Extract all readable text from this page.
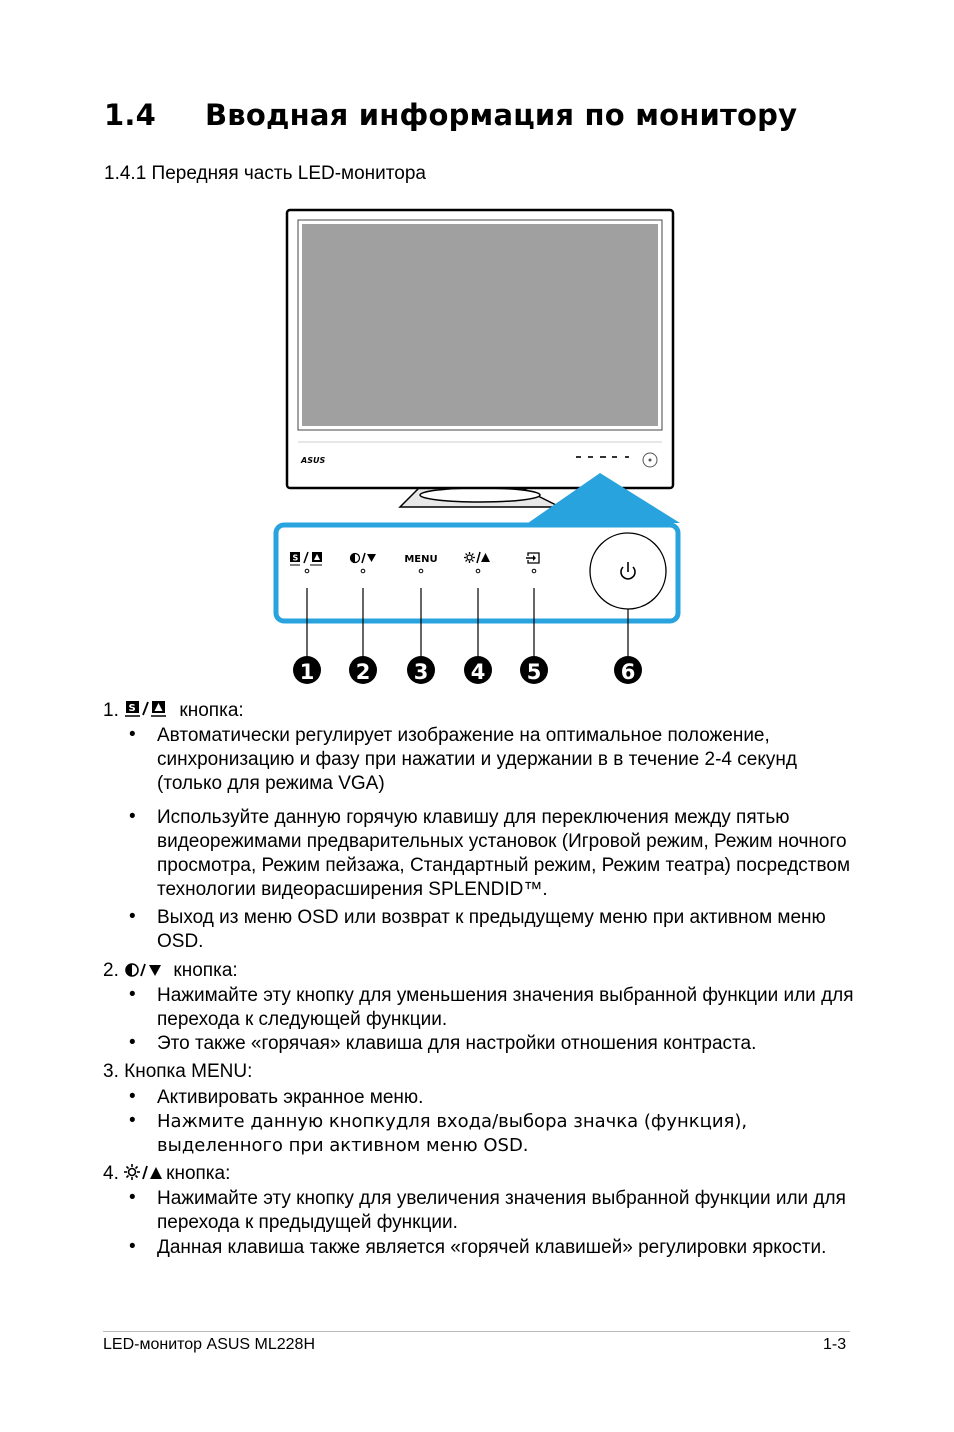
1.4 Вводная информация по монитору
1.4.1 Передняя часть LED-монитора
ASUS
S	MENU
1 2 3 4 5	6
1. S кнопка:
• Автоматически регулирует изображение на оптимальное положение, синхронизацию и фазу при нажатии и удержании в в течение 2-4 секунд (только для режима VGA)
• Используйте данную горячую клавишу для переключения между пятью видеорежимами предварительных установок (Игровой режим, Режим ночного просмотра, Режим пейзажа, Стандартный режим, Режим театра) посредством технологии видеорасширения SPLENDID™.
• Выход из меню OSD или возврат к предыдущему меню при активном меню OSD.
2.	кнопка:
• Нажимайте эту кнопку для уменьшения значения выбранной функции или для перехода к следующей функции.
• Это также «горячая» клавиша для настройки отношения контраста.
3. Кнопка MENU:
• Активировать экранное меню.
• Нажмите данную кнопкудля входа/выбора значка (функция), выделенного при активном меню OSD.
4. кнопка:
• Нажимайте эту кнопку для увеличения значения выбранной функции или для перехода к предыдущей функции.
• Данная клавиша также является «горячей клавишей» регулировки яркости.
LED-монитор ASUS ML228H	1-3
